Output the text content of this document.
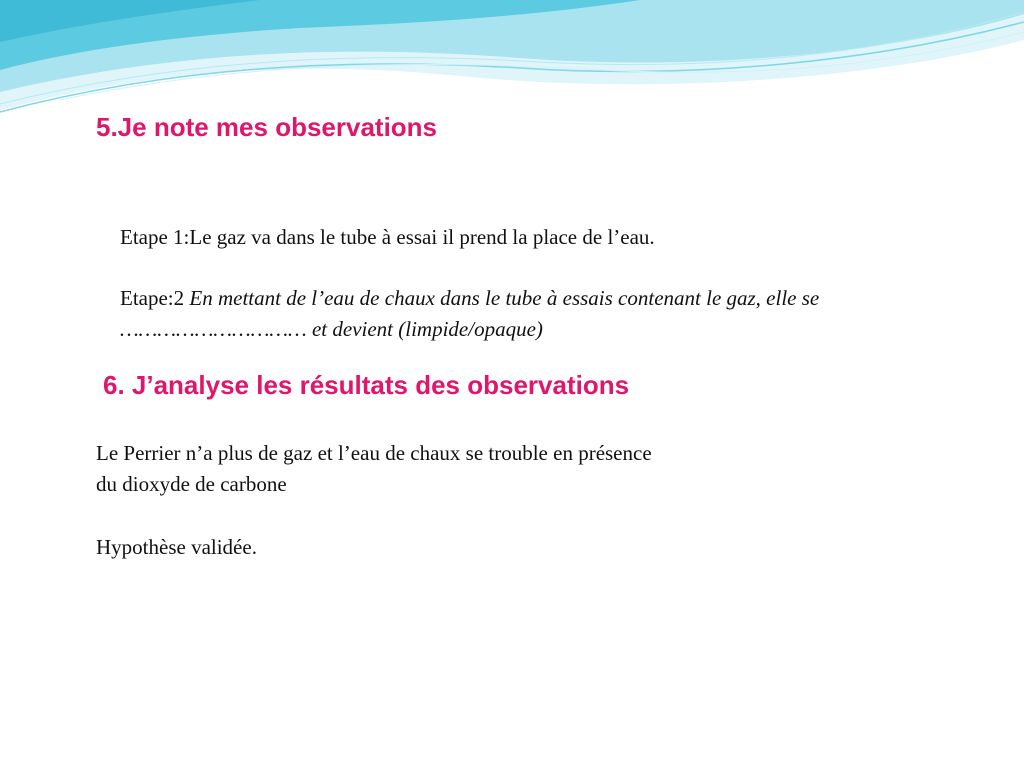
5.Je note mes observations

Etape 1:Le gaz va dans le tube à essai il prend la place de l’eau.

Etape:2 En mettant de l’eau de chaux dans le tube à essais contenant le gaz, elle se ………………………… et devient (limpide/opaque)

6. J’analyse les résultats des observations

Le Perrier n’a plus de gaz et l’eau de chaux se trouble en présence
du dioxyde de carbone

Hypothèse validée.
